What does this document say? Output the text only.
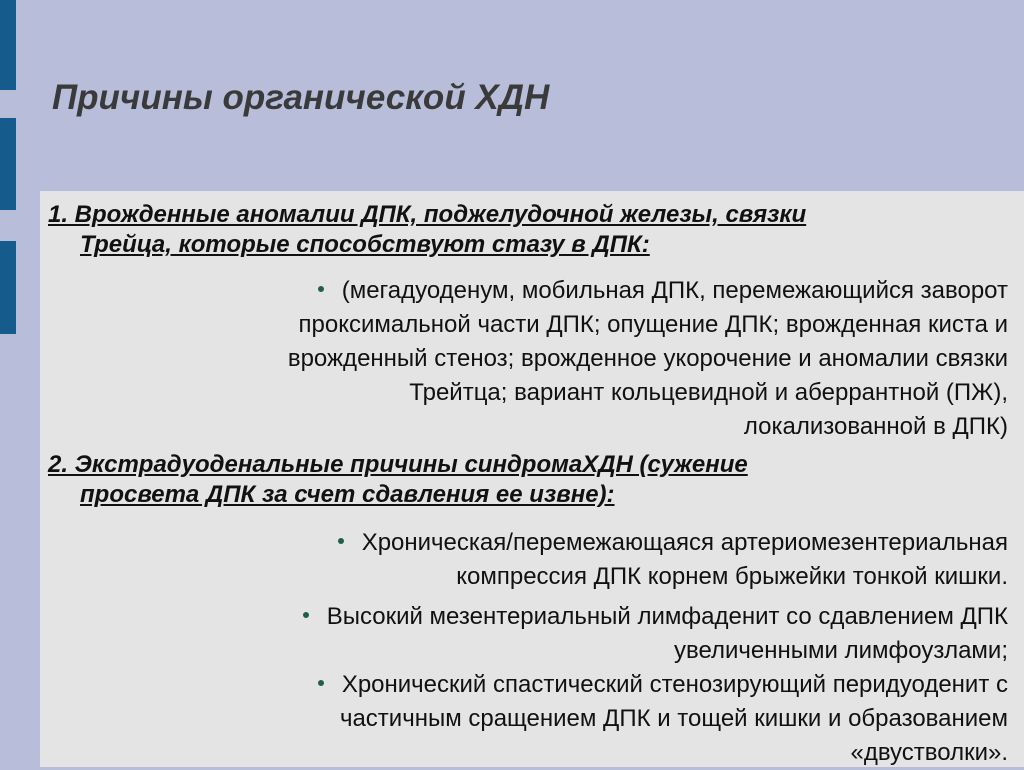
Причины органической ХДН
1. Врожденные аномалии ДПК, поджелудочной железы, связки
Трейца, которые способствуют стазу в ДПК:
(мегадуоденум, мобильная ДПК, перемежающийся заворот
проксимальной части ДПК; опущение ДПК; врожденная киста и
врожденный стеноз; врожденное укорочение и аномалии связки
Трейтца; вариант кольцевидной и аберрантной (ПЖ),
локализованной в ДПК)
2. Экстрадуоденальные причины синдромаХДН (сужение
просвета ДПК за счет сдавления ее извне):
Хроническая/перемежающаяся артериомезентериальная
компрессия ДПК корнем брыжейки тонкой кишки.
Высокий мезентериальный лимфаденит со сдавлением ДПК
увеличенными лимфоузлами;
Хронический спастический стенозирующий перидуоденит с
частичным сращением ДПК и тощей кишки и образованием
«двустволки».
